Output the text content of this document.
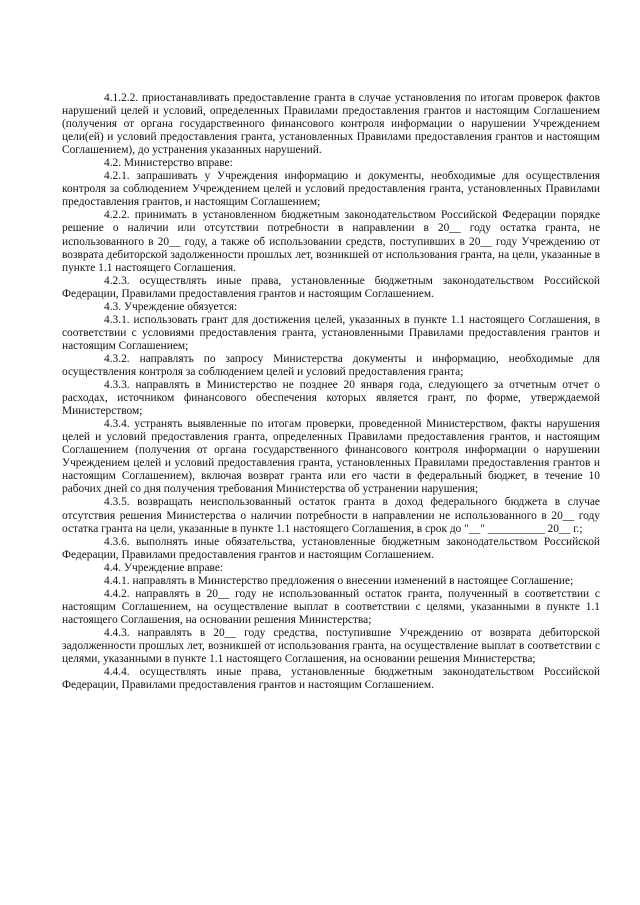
4.1.2.2. приостанавливать предоставление гранта в случае установления по итогам проверок фактов нарушений целей и условий, определенных Правилами предоставления грантов и настоящим Соглашением (получения от органа государственного финансового контроля информации о нарушении Учреждением цели(ей) и условий предоставления гранта, установленных Правилами предоставления грантов и настоящим Соглашением), до устранения указанных нарушений.

4.2. Министерство вправе:

4.2.1. запрашивать у Учреждения информацию и документы, необходимые для осуществления контроля за соблюдением Учреждением целей и условий предоставления гранта, установленных Правилами предоставления грантов, и настоящим Соглашением;

4.2.2. принимать в установленном бюджетным законодательством Российской Федерации порядке решение о наличии или отсутствии потребности в направлении в 20__ году остатка гранта, не использованного в 20__ году, а также об использовании средств, поступивших в 20__ году Учреждению от возврата дебиторской задолженности прошлых лет, возникшей от использования гранта, на цели, указанные в пункте 1.1 настоящего Соглашения.

4.2.3. осуществлять иные права, установленные бюджетным законодательством Российской Федерации, Правилами предоставления грантов и настоящим Соглашением.

4.3. Учреждение обязуется:

4.3.1. использовать грант для достижения целей, указанных в пункте 1.1 настоящего Соглашения, в соответствии с условиями предоставления гранта, установленными Правилами предоставления грантов и настоящим Соглашением;

4.3.2. направлять по запросу Министерства документы и информацию, необходимые для осуществления контроля за соблюдением целей и условий предоставления гранта;

4.3.3. направлять в Министерство не позднее 20 января года, следующего за отчетным отчет о расходах, источником финансового обеспечения которых является грант, по форме, утверждаемой Министерством;

4.3.4. устранять выявленные по итогам проверки, проведенной Министерством, факты нарушения целей и условий предоставления гранта, определенных Правилами предоставления грантов, и настоящим Соглашением (получения от органа государственного финансового контроля информации о нарушении Учреждением целей и условий предоставления гранта, установленных Правилами предоставления грантов и настоящим Соглашением), включая возврат гранта или его части в федеральный бюджет, в течение 10 рабочих дней со дня получения требования Министерства об устранении нарушения;

4.3.5. возвращать неиспользованный остаток гранта в доход федерального бюджета в случае отсутствия решения Министерства о наличии потребности в направлении не использованного в 20__ году остатка гранта на цели, указанные в пункте 1.1 настоящего Соглашения, в срок до "__" __________ 20__ г.;

4.3.6. выполнять иные обязательства, установленные бюджетным законодательством Российской Федерации, Правилами предоставления грантов и настоящим Соглашением.

4.4. Учреждение вправе:

4.4.1. направлять в Министерство предложения о внесении изменений в настоящее Соглашение;

4.4.2. направлять в 20__ году не использованный остаток гранта, полученный в соответствии с настоящим Соглашением, на осуществление выплат в соответствии с целями, указанными в пункте 1.1 настоящего Соглашения, на основании решения Министерства;

4.4.3. направлять в 20__ году средства, поступившие Учреждению от возврата дебиторской задолженности прошлых лет, возникшей от использования гранта, на осуществление выплат в соответствии с целями, указанными в пункте 1.1 настоящего Соглашения, на основании решения Министерства;

4.4.4. осуществлять иные права, установленные бюджетным законодательством Российской Федерации, Правилами предоставления грантов и настоящим Соглашением.
